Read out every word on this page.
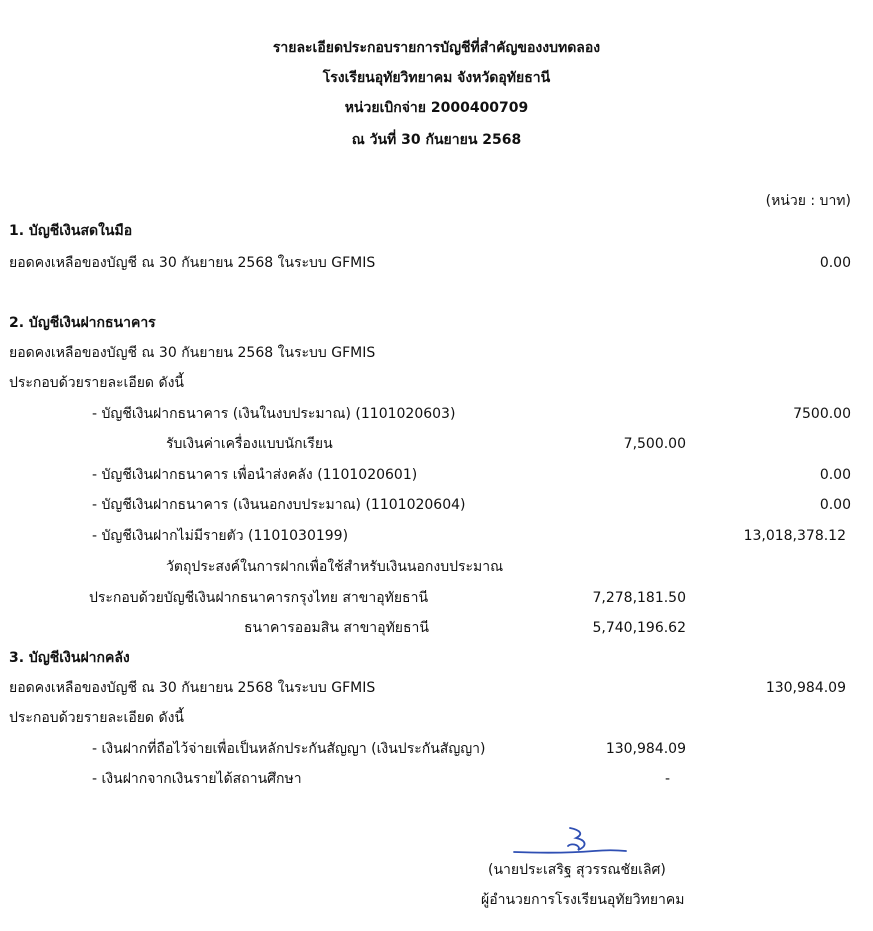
รายละเอียดประกอบรายการบัญชีที่สำคัญของงบทดลอง
โรงเรียนอุทัยวิทยาคม จังหวัดอุทัยธานี
หน่วยเบิกจ่าย 2000400709
ณ วันที่ 30 กันยายน 2568
(หน่วย : บาท)
1. บัญชีเงินสดในมือ
ยอดคงเหลือของบัญชี ณ 30 กันยายน 2568 ในระบบ GFMIS	0.00
2. บัญชีเงินฝากธนาคาร
ยอดคงเหลือของบัญชี ณ 30 กันยายน 2568 ในระบบ GFMIS
ประกอบด้วยรายละเอียด ดังนี้
- บัญชีเงินฝากธนาคาร (เงินในงบประมาณ) (1101020603)	7500.00
รับเงินค่าเครื่องแบบนักเรียน	7,500.00
- บัญชีเงินฝากธนาคาร เพื่อนำส่งคลัง (1101020601)	0.00
- บัญชีเงินฝากธนาคาร (เงินนอกงบประมาณ) (1101020604)	0.00
- บัญชีเงินฝากไม่มีรายตัว (1101030199)	13,018,378.12
วัตถุประสงค์ในการฝากเพื่อใช้สำหรับเงินนอกงบประมาณ
ประกอบด้วยบัญชีเงินฝากธนาคารกรุงไทย สาขาอุทัยธานี	7,278,181.50
ธนาคารออมสิน สาขาอุทัยธานี	5,740,196.62
3. บัญชีเงินฝากคลัง
ยอดคงเหลือของบัญชี ณ 30 กันยายน 2568 ในระบบ GFMIS	130,984.09
ประกอบด้วยรายละเอียด ดังนี้
- เงินฝากที่ถือไว้จ่ายเพื่อเป็นหลักประกันสัญญา (เงินประกันสัญญา)	130,984.09
- เงินฝากจากเงินรายได้สถานศึกษา	-
(นายประเสริฐ สุวรรณชัยเลิศ)
ผู้อำนวยการโรงเรียนอุทัยวิทยาคม
